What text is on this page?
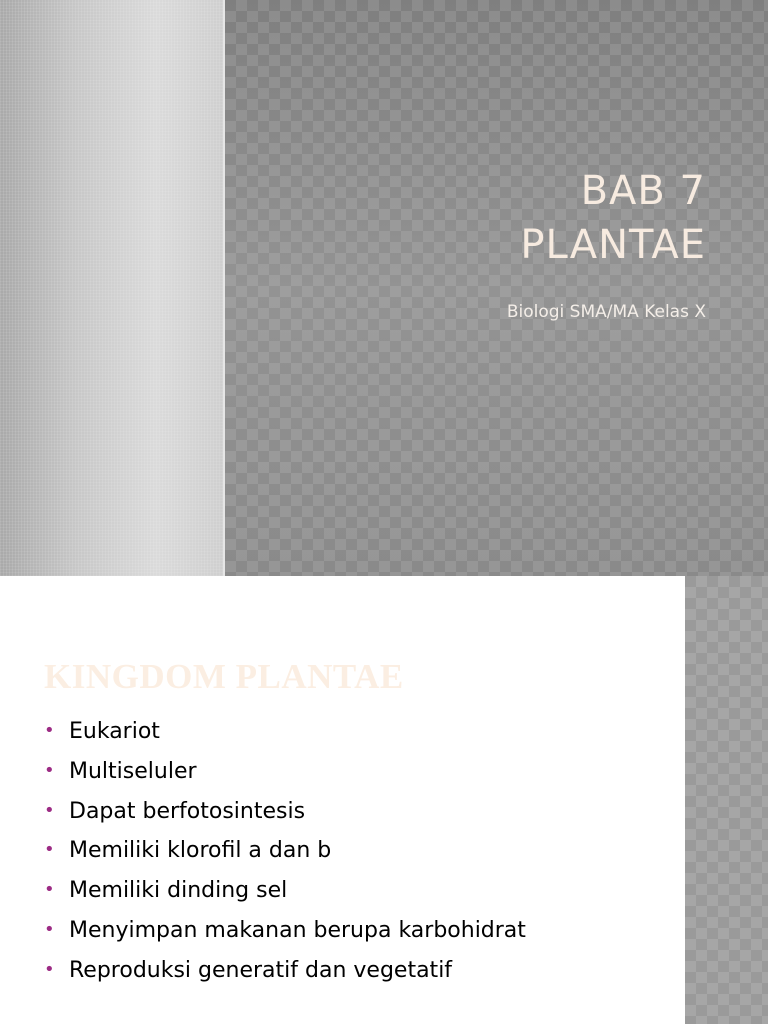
BAB 7
PLANTAE

Biologi SMA/MA Kelas X

KINGDOM PLANTAE
• Eukariot
• Multiseluler
• Dapat berfotosintesis
• Memiliki klorofil a dan b
• Memiliki dinding sel
• Menyimpan makanan berupa karbohidrat
• Reproduksi generatif dan vegetatif
